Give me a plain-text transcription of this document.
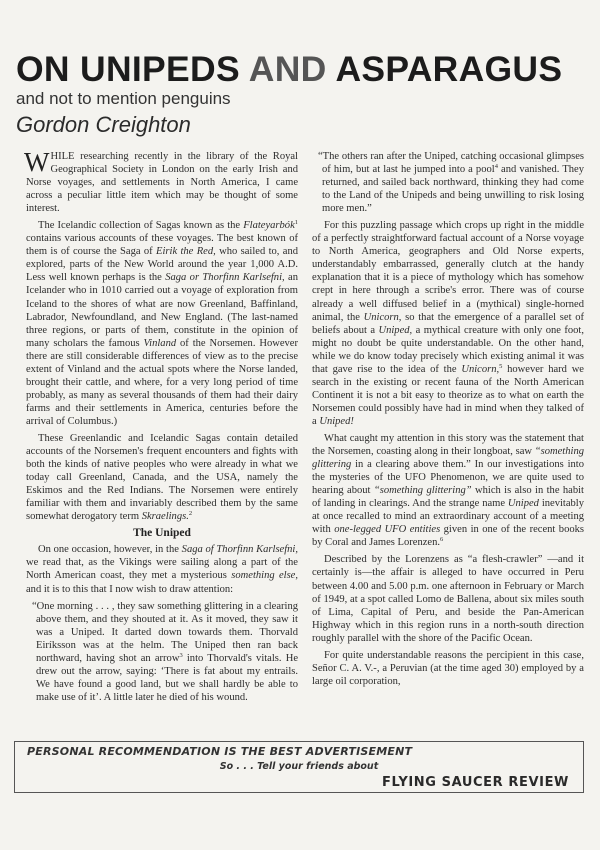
ON UNIPEDS AND ASPARAGUS
and not to mention penguins
Gordon Creighton

WHILE researching recently in the library of the Royal Geographical Society in London on the early Irish and Norse voyages, and settlements in North America, I came across a peculiar little item which may be thought of some interest.

The Icelandic collection of Sagas known as the Flateyarbók$^1$ contains various accounts of these voyages. The best known of them is of course the Saga of Eirik the Red, who sailed to, and explored, parts of the New World around the year 1,000 A.D. Less well known perhaps is the Saga or Thorfinn Karlsefni, an Icelander who in 1010 carried out a voyage of exploration from Iceland to the shores of what are now Greenland, Baffinland, Labrador, Newfoundland, and New England. (The last-named three regions, or parts of them, constitute in the opinion of many scholars the famous Vinland of the Norsemen. However there are still considerable differences of view as to the precise extent of Vinland and the actual spots where the Norse landed, brought their cattle, and where, for a very long period of time probably, as many as several thousands of them had their dairy farms and their settlements in America, centuries before the arrival of Columbus.)

These Greenlandic and Icelandic Sagas contain detailed accounts of the Norsemen's frequent encounters and fights with both the kinds of native peoples who were already in what we today call Greenland, Canada, and the USA, namely the Eskimos and the Red Indians. The Norsemen were entirely familiar with them and invariably described them by the same somewhat derogatory term Skraelings.$^2$

The Uniped

On one occasion, however, in the Saga of Thorfinn Karlsefni, we read that, as the Vikings were sailing along a part of the North American coast, they met a mysterious something else, and it is to this that I now wish to draw attention:

“One morning . . . , they saw something glittering in a clearing above them, and they shouted at it. As it moved, they saw it was a Uniped. It darted down towards them. Thorvald Eiríksson was at the helm. The Uniped then ran back northward, having shot an arrow$^3$ into Thorvald's vitals. He drew out the arrow, saying: ‘There is fat about my entrails. We have found a good land, but we shall hardly be able to make use of it’. A little later he died of his wound.

“The others ran after the Uniped, catching occasional glimpses of him, but at last he jumped into a pool$^4$ and vanished. They returned, and sailed back northward, thinking they had come to the Land of the Unipeds and being unwilling to risk losing more men.”

For this puzzling passage which crops up right in the middle of a perfectly straightforward factual account of a Norse voyage to North America, geographers and Old Norse experts, understandably embarrassed, generally clutch at the handy explanation that it is a piece of mythology which has somehow crept in here through a scribe's error. There was of course already a well diffused belief in a (mythical) single-horned animal, the Unicorn, so that the emergence of a parallel set of beliefs about a Uniped, a mythical creature with only one foot, might no doubt be quite understandable. On the other hand, while we do know today precisely which existing animal it was that gave rise to the idea of the Unicorn,$^5$ however hard we search in the existing or recent fauna of the North American Continent it is not a bit easy to theorize as to what on earth the Norsemen could possibly have had in mind when they talked of a Uniped!

What caught my attention in this story was the statement that the Norsemen, coasting along in their longboat, saw “something glittering in a clearing above them.” In our investigations into the mysteries of the UFO Phenomenon, we are quite used to hearing about “something glittering” which is also in the habit of landing in clearings. And the strange name Uniped inevitably at once recalled to mind an extraordinary account of a meeting with one-legged UFO entities given in one of the recent books by Coral and James Lorenzen.$^6$

Described by the Lorenzens as “a flesh-crawler” —and it certainly is—the affair is alleged to have occurred in Peru between 4.00 and 5.00 p.m. one afternoon in February or March of 1949, at a spot called Lomo de Ballena, about six miles south of Lima, Capital of Peru, and beside the Pan-American Highway which in this region runs in a north-south direction roughly parallel with the shore of the Pacific Ocean.

For quite understandable reasons the percipient in this case, Señor C. A. V.-, a Peruvian (at the time aged 30) employed by a large oil corporation,

PERSONAL RECOMMENDATION IS THE BEST ADVERTISEMENT
So . . . Tell your friends about
FLYING SAUCER REVIEW
